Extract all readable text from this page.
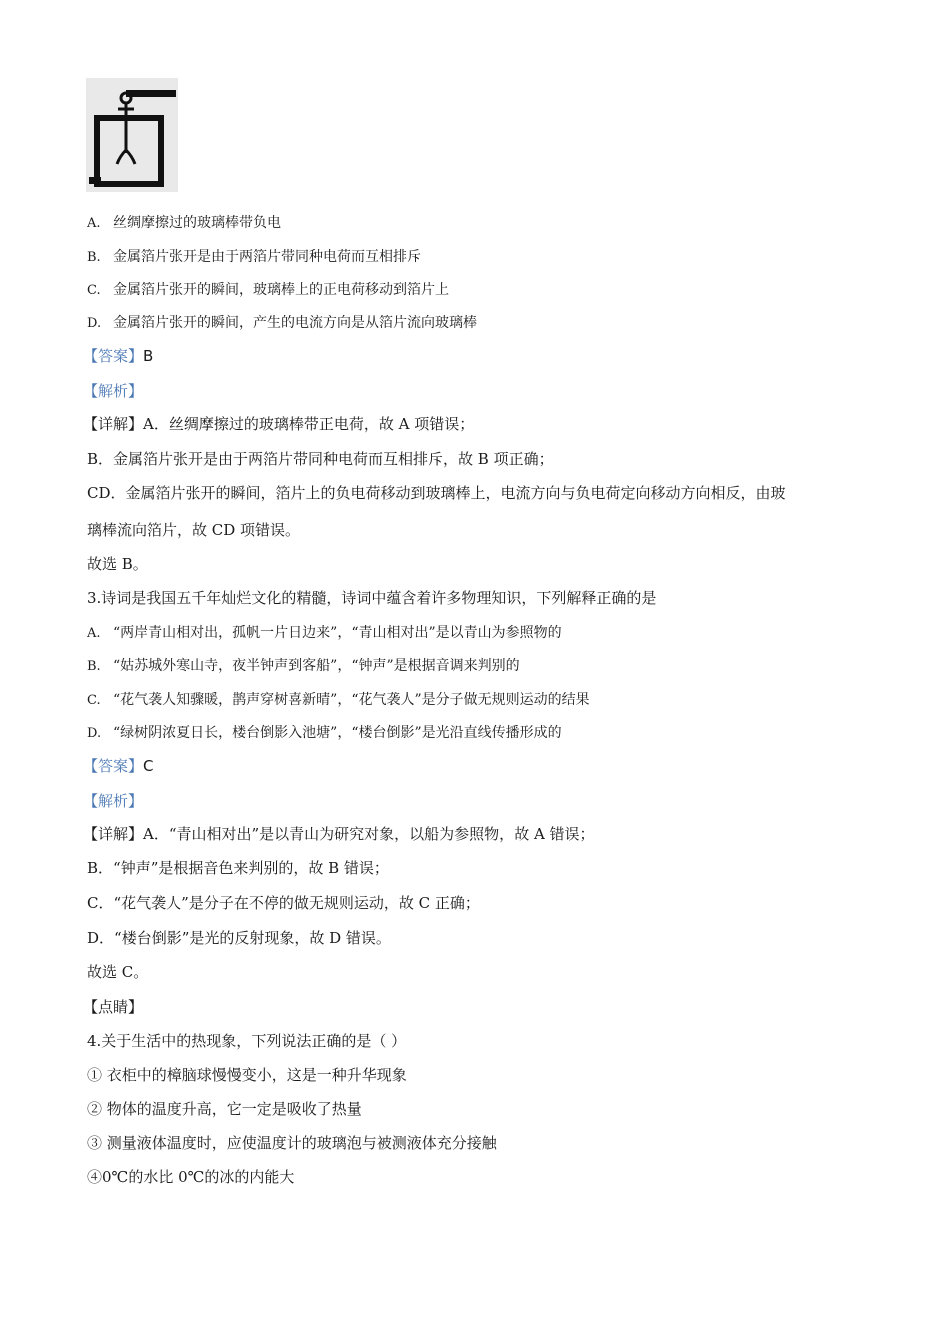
A. 丝绸摩擦过的玻璃棒带负电
B. 金属箔片张开是由于两箔片带同种电荷而互相排斥
C. 金属箔片张开的瞬间，玻璃棒上的正电荷移动到箔片上
D. 金属箔片张开的瞬间，产生的电流方向是从箔片流向玻璃棒
【答案】B
【解析】
【详解】A．丝绸摩擦过的玻璃棒带正电荷，故 A 项错误；
B．金属箔片张开是由于两箔片带同种电荷而互相排斥，故 B 项正确；
CD．金属箔片张开的瞬间，箔片上的负电荷移动到玻璃棒上，电流方向与负电荷定向移动方向相反，由玻
璃棒流向箔片，故 CD 项错误。
故选 B。
3.诗词是我国五千年灿烂文化的精髓，诗词中蕴含着许多物理知识，下列解释正确的是
A. “两岸青山相对出，孤帆一片日边来”，“青山相对出”是以青山为参照物的
B. “姑苏城外寒山寺，夜半钟声到客船”，“钟声”是根据音调来判别的
C. “花气袭人知骤暖，鹊声穿树喜新晴”，“花气袭人”是分子做无规则运动的结果
D. “绿树阴浓夏日长，楼台倒影入池塘”，“楼台倒影”是光沿直线传播形成的
【答案】C
【解析】
【详解】A．“青山相对出”是以青山为研究对象，以船为参照物，故 A 错误；
B．“钟声”是根据音色来判别的，故 B 错误；
C．“花气袭人”是分子在不停的做无规则运动，故 C 正确；
D．“楼台倒影”是光的反射现象，故 D 错误。
故选 C。
【点睛】
4.关于生活中的热现象，下列说法正确的是（ ）
① 衣柜中的樟脑球慢慢变小，这是一种升华现象
② 物体的温度升高，它一定是吸收了热量
③ 测量液体温度时，应使温度计的玻璃泡与被测液体充分接触
④0℃的水比 0℃的冰的内能大
